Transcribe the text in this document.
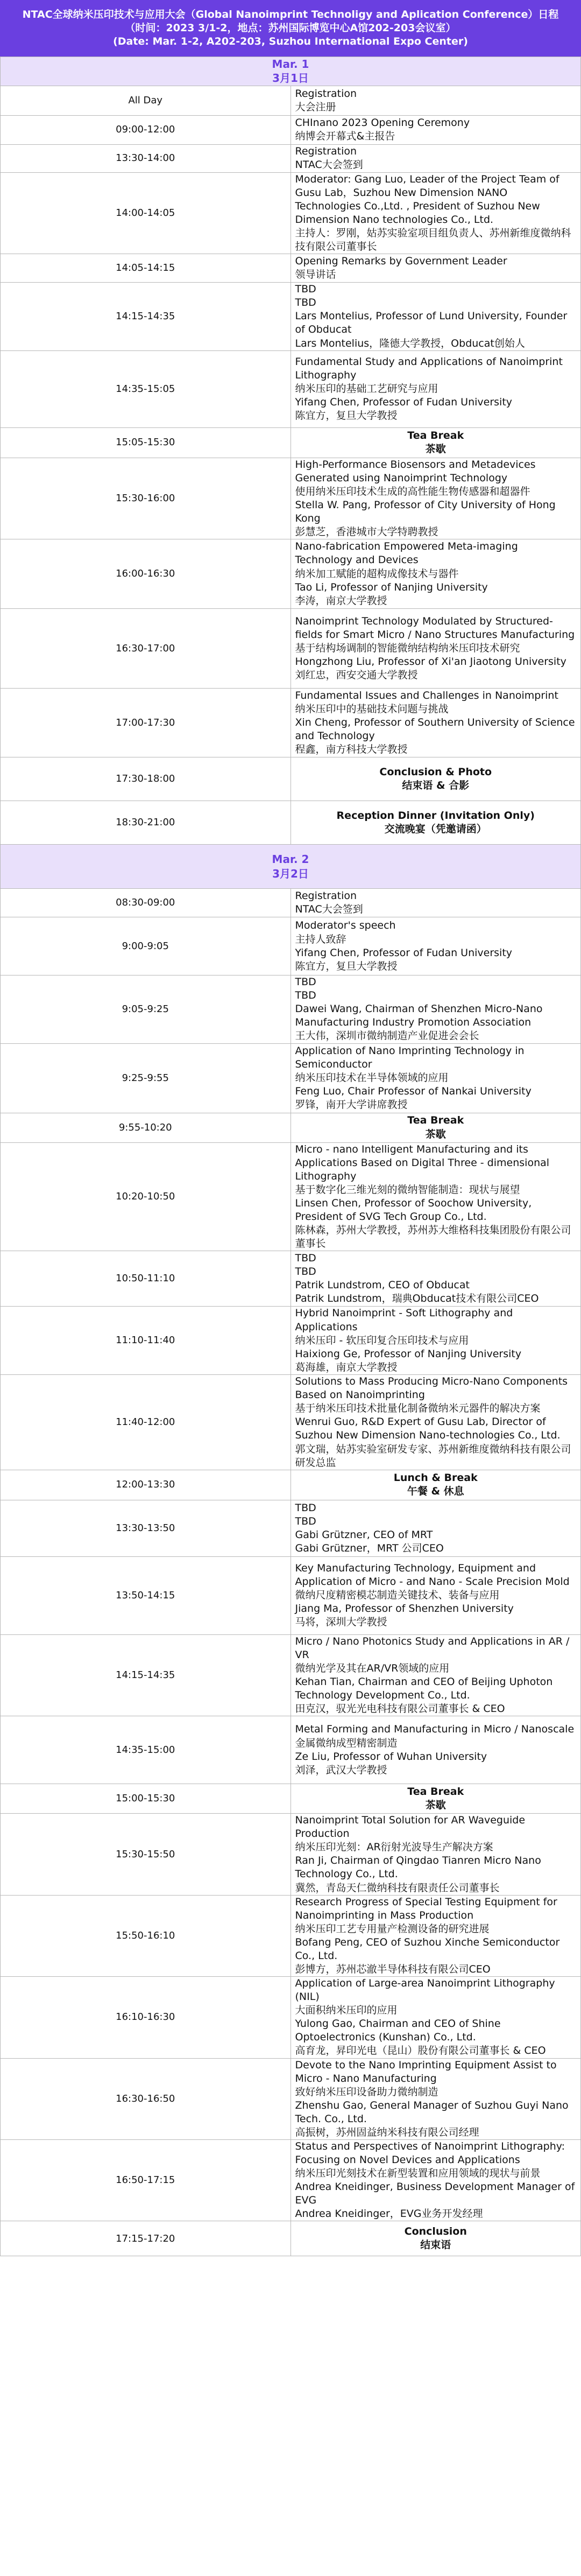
NTAC全球纳米压印技术与应用大会（Global Nanoimprint Technoligy and Aplication Conference）日程
（时间：2023 3/1-2，地点：苏州国际博览中心A馆202-203会议室）
(Date: Mar. 1-2, A202-203, Suzhou International Expo Center)
Mar. 1
3月1日	

All Day	Registration
大会注册

09:00-12:00	CHInano 2023 Opening Ceremony
纳博会开幕式&主报告

13:30-14:00	Registration
NTAC大会签到

14:00-14:05	Moderator: Gang Luo, Leader of the Project Team of Gusu Lab，Suzhou New Dimension NANO Technologies Co.,Ltd. , President of Suzhou New Dimension Nano technologies Co., Ltd.
主持人：罗刚，姑苏实验室项目组负责人、苏州新维度微纳科技有限公司董事长

14:05-14:15	Opening Remarks by Government Leader
领导讲话

14:15-14:35	TBD
TBD
Lars Montelius, Professor of Lund University, Founder of Obducat
Lars Montelius，隆德大学教授，Obducat创始人

14:35-15:05	Fundamental Study and Applications of Nanoimprint Lithography
纳米压印的基础工艺研究与应用
Yifang Chen, Professor of Fudan University
陈宜方，复旦大学教授

15:05-15:30	Tea Break
茶歇

15:30-16:00	High-Performance Biosensors and Metadevices Generated using Nanoimprint Technology
使用纳米压印技术生成的高性能生物传感器和超器件
Stella W. Pang, Professor of City University of Hong Kong
彭慧芝，香港城市大学特聘教授

16:00-16:30	Nano-fabrication Empowered Meta-imaging Technology and Devices
纳米加工赋能的超构成像技术与器件
Tao Li, Professor of Nanjing University
李涛，南京大学教授

16:30-17:00	Nanoimprint Technology Modulated by Structured-fields for Smart Micro / Nano Structures Manufacturing
基于结构场调制的智能微纳结构纳米压印技术研究
Hongzhong Liu, Professor of Xi'an Jiaotong University
刘红忠，西安交通大学教授

17:00-17:30	Fundamental Issues and Challenges in Nanoimprint
纳米压印中的基础技术问题与挑战
Xin Cheng, Professor of Southern University of Science and Technology
程鑫，南方科技大学教授

17:30-18:00	Conclusion & Photo
结束语 & 合影

18:30-21:00	Reception Dinner (Invitation Only)
交流晚宴（凭邀请函）

Mar. 2
3月2日	

08:30-09:00	Registration
NTAC大会签到

9:00-9:05	Moderator's speech
主持人致辞
Yifang Chen, Professor of Fudan University
陈宜方，复旦大学教授

9:05-9:25	TBD
TBD
Dawei Wang, Chairman of Shenzhen Micro-Nano Manufacturing Industry Promotion Association
王大伟，深圳市微纳制造产业促进会会长

9:25-9:55	Application of Nano Imprinting Technology in Semiconductor
纳米压印技术在半导体领域的应用
Feng Luo, Chair Professor of Nankai University
罗锋，南开大学讲席教授

9:55-10:20	Tea Break
茶歇

10:20-10:50	Micro - nano Intelligent Manufacturing and its Applications Based on Digital Three - dimensional Lithography
基于数字化三维光刻的微纳智能制造：现状与展望
Linsen Chen, Professor of Soochow University, President of SVG Tech Group Co., Ltd.
陈林森，苏州大学教授，苏州苏大维格科技集团股份有限公司董事长

10:50-11:10	TBD
TBD
Patrik Lundstrom, CEO of Obducat
Patrik Lundstrom，瑞典Obducat技术有限公司CEO

11:10-11:40	Hybrid Nanoimprint - Soft Lithography and Applications
纳米压印 - 软压印复合压印技术与应用
Haixiong Ge, Professor of Nanjing University
葛海雄，南京大学教授

11:40-12:00	Solutions to Mass Producing Micro-Nano Components Based on Nanoimprinting
基于纳米压印技术批量化制备微纳米元器件的解决方案
Wenrui Guo, R&D Expert of Gusu Lab, Director of Suzhou New Dimension Nano-technologies Co., Ltd.
郭文瑞，姑苏实验室研发专家、苏州新维度微纳科技有限公司研发总监

12:00-13:30	Lunch & Break
午餐 & 休息

13:30-13:50	TBD
TBD
Gabi Grützner, CEO of MRT
Gabi Grützner，MRT 公司CEO

13:50-14:15	Key Manufacturing Technology, Equipment and Application of Micro - and Nano - Scale Precision Mold
微纳尺度精密模芯制造关键技术、装备与应用
Jiang Ma, Professor of Shenzhen University
马将，深圳大学教授

14:15-14:35	Micro / Nano Photonics Study and Applications in AR / VR
微纳光学及其在AR/VR领域的应用
Kehan Tian, Chairman and CEO of Beijing Uphoton Technology Development Co., Ltd.
田克汉，驭光光电科技有限公司董事长 & CEO

14:35-15:00	Metal Forming and Manufacturing in Micro / Nanoscale
金属微纳成型精密制造
Ze Liu, Professor of Wuhan University
刘泽，武汉大学教授

15:00-15:30	Tea Break
茶歇

15:30-15:50	Nanoimprint Total Solution for AR Waveguide Production
纳米压印光刻：AR衍射光波导生产解决方案
Ran Ji, Chairman of Qingdao Tianren Micro Nano Technology Co., Ltd.
冀然，青岛天仁微纳科技有限责任公司董事长

15:50-16:10	Research Progress of Special Testing Equipment for Nanoimprinting in Mass Production
纳米压印工艺专用量产检测设备的研究进展
Bofang Peng, CEO of Suzhou Xinche Semiconductor Co., Ltd.
彭博方，苏州芯澈半导体科技有限公司CEO

16:10-16:30	Application of Large-area Nanoimprint Lithography (NIL)
大面积纳米压印的应用
Yulong Gao, Chairman and CEO of Shine Optoelectronics (Kunshan) Co., Ltd.
高育龙，昇印光电（昆山）股份有限公司董事长 & CEO

16:30-16:50	Devote to the Nano Imprinting Equipment Assist to Micro - Nano Manufacturing
致好纳米压印设备助力微纳制造
Zhenshu Gao, General Manager of Suzhou Guyi Nano Tech. Co., Ltd.
高振树，苏州固益纳米科技有限公司经理

16:50-17:15	Status and Perspectives of Nanoimprint Lithography: Focusing on Novel Devices and Applications
纳米压印光刻技术在新型装置和应用领域的现状与前景
Andrea Kneidinger, Business Development Manager of EVG
Andrea Kneidinger，EVG业务开发经理

17:15-17:20	Conclusion
结束语
